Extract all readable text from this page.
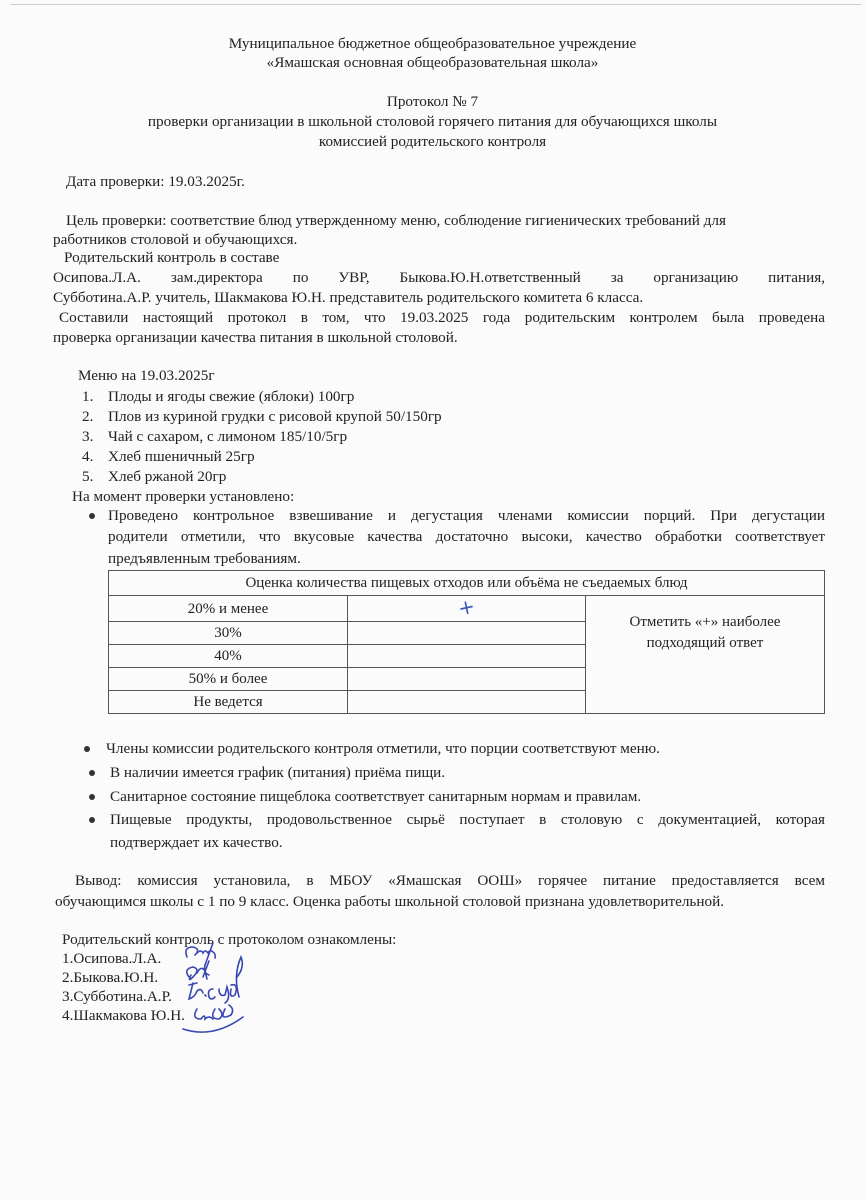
Муниципальное бюджетное общеобразовательное учреждение
«Ямашская основная общеобразовательная школа»
Протокол № 7
проверки организации в школьной столовой горячего питания для обучающихся школы
комиссией родительского контроля
Дата проверки: 19.03.2025г.
Цель проверки: соответствие блюд утвержденному меню, соблюдение гигиенических требований для
работников столовой и обучающихся.
Родительский контроль в составе
Осипова.Л.А. зам.директора по УВР, Быкова.Ю.Н.ответственный за организацию питания,
Субботина.А.Р. учитель, Шакмакова Ю.Н. представитель родительского комитета 6 класса.
Составили настоящий протокол в том, что 19.03.2025 года родительским контролем была проведена
проверка организации качества питания в школьной столовой.
Меню на 19.03.2025г
1. Плоды и ягоды свежие (яблоки) 100гр
2. Плов из куриной грудки с рисовой крупой 50/150гр
3. Чай с сахаром, с лимоном 185/10/5гр
4. Хлеб пшеничный 25гр
5. Хлеб ржаной 20гр
На момент проверки установлено:
Проведено контрольное взвешивание и дегустация членами комиссии порций. При дегустации
родители отметили, что вкусовые качества достаточно высоки, качество обработки соответствует
предъявленным требованиям.
Оценка количества пищевых отходов или объёма не съедаемых блюд		
20% и менее	+	Отметить «+» наиболее
подходящий ответ

30%		
40%		
50% и более		
Не ведется		
Члены комиссии родительского контроля отметили, что порции соответствуют меню.
В наличии имеется график (питания) приёма пищи.
Санитарное состояние пищеблока соответствует санитарным нормам и правилам.
Пищевые продукты, продовольственное сырьё поступает в столовую с документацией, которая
подтверждает их качество.
Вывод: комиссия установила, в МБОУ «Ямашская ООШ» горячее питание предоставляется всем
обучающимся школы с 1 по 9 класс. Оценка работы школьной столовой признана удовлетворительной.
Родительский контроль с протоколом ознакомлены:
1.Осипова.Л.А.
2.Быкова.Ю.Н.
3.Субботина.А.Р.
4.Шакмакова Ю.Н.
